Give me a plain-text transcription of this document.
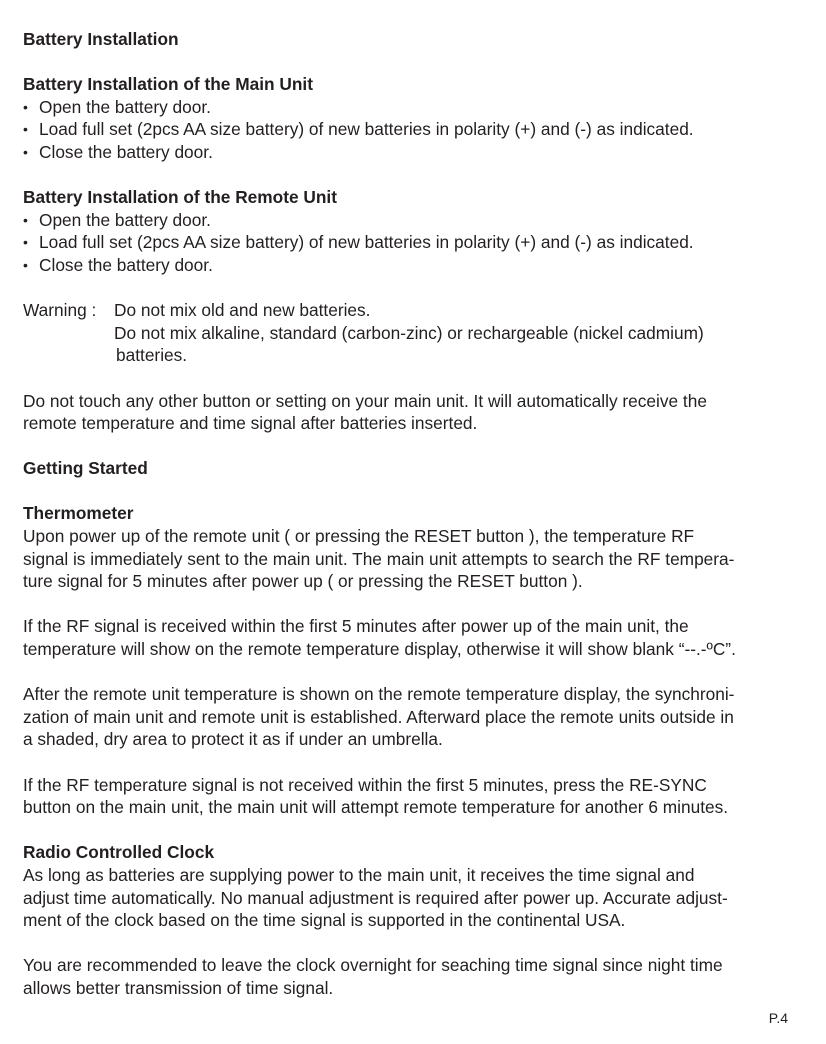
Battery Installation
Battery Installation of the Main Unit
• Open the battery door.
• Load full set (2pcs AA size battery) of new batteries in polarity (+) and (-) as indicated.
• Close the battery door.
Battery Installation of the Remote Unit
• Open the battery door.
• Load full set (2pcs AA size battery) of new batteries in polarity (+) and (-) as indicated.
• Close the battery door.
Warning : Do not mix old and new batteries.
Do not mix alkaline, standard (carbon-zinc) or rechargeable (nickel cadmium)
batteries.
Do not touch any other button or setting on your main unit. It will automatically receive the
remote temperature and time signal after batteries inserted.
Getting Started
Thermometer
Upon power up of the remote unit ( or pressing the RESET button ), the temperature RF
signal is immediately sent to the main unit. The main unit attempts to search the RF tempera-
ture signal for 5 minutes after power up ( or pressing the RESET button ).
If the RF signal is received within the first 5 minutes after power up of the main unit, the
temperature will show on the remote temperature display, otherwise it will show blank “--.-ºC”.
After the remote unit temperature is shown on the remote temperature display, the synchroni-
zation of main unit and remote unit is established. Afterward place the remote units outside in
a shaded, dry area to protect it as if under an umbrella.
If the RF temperature signal is not received within the first 5 minutes, press the RE-SYNC
button on the main unit, the main unit will attempt remote temperature for another 6 minutes.
Radio Controlled Clock
As long as batteries are supplying power to the main unit, it receives the time signal and
adjust time automatically. No manual adjustment is required after power up. Accurate adjust-
ment of the clock based on the time signal is supported in the continental USA.
You are recommended to leave the clock overnight for seaching time signal since night time
allows better transmission of time signal.
P.4
